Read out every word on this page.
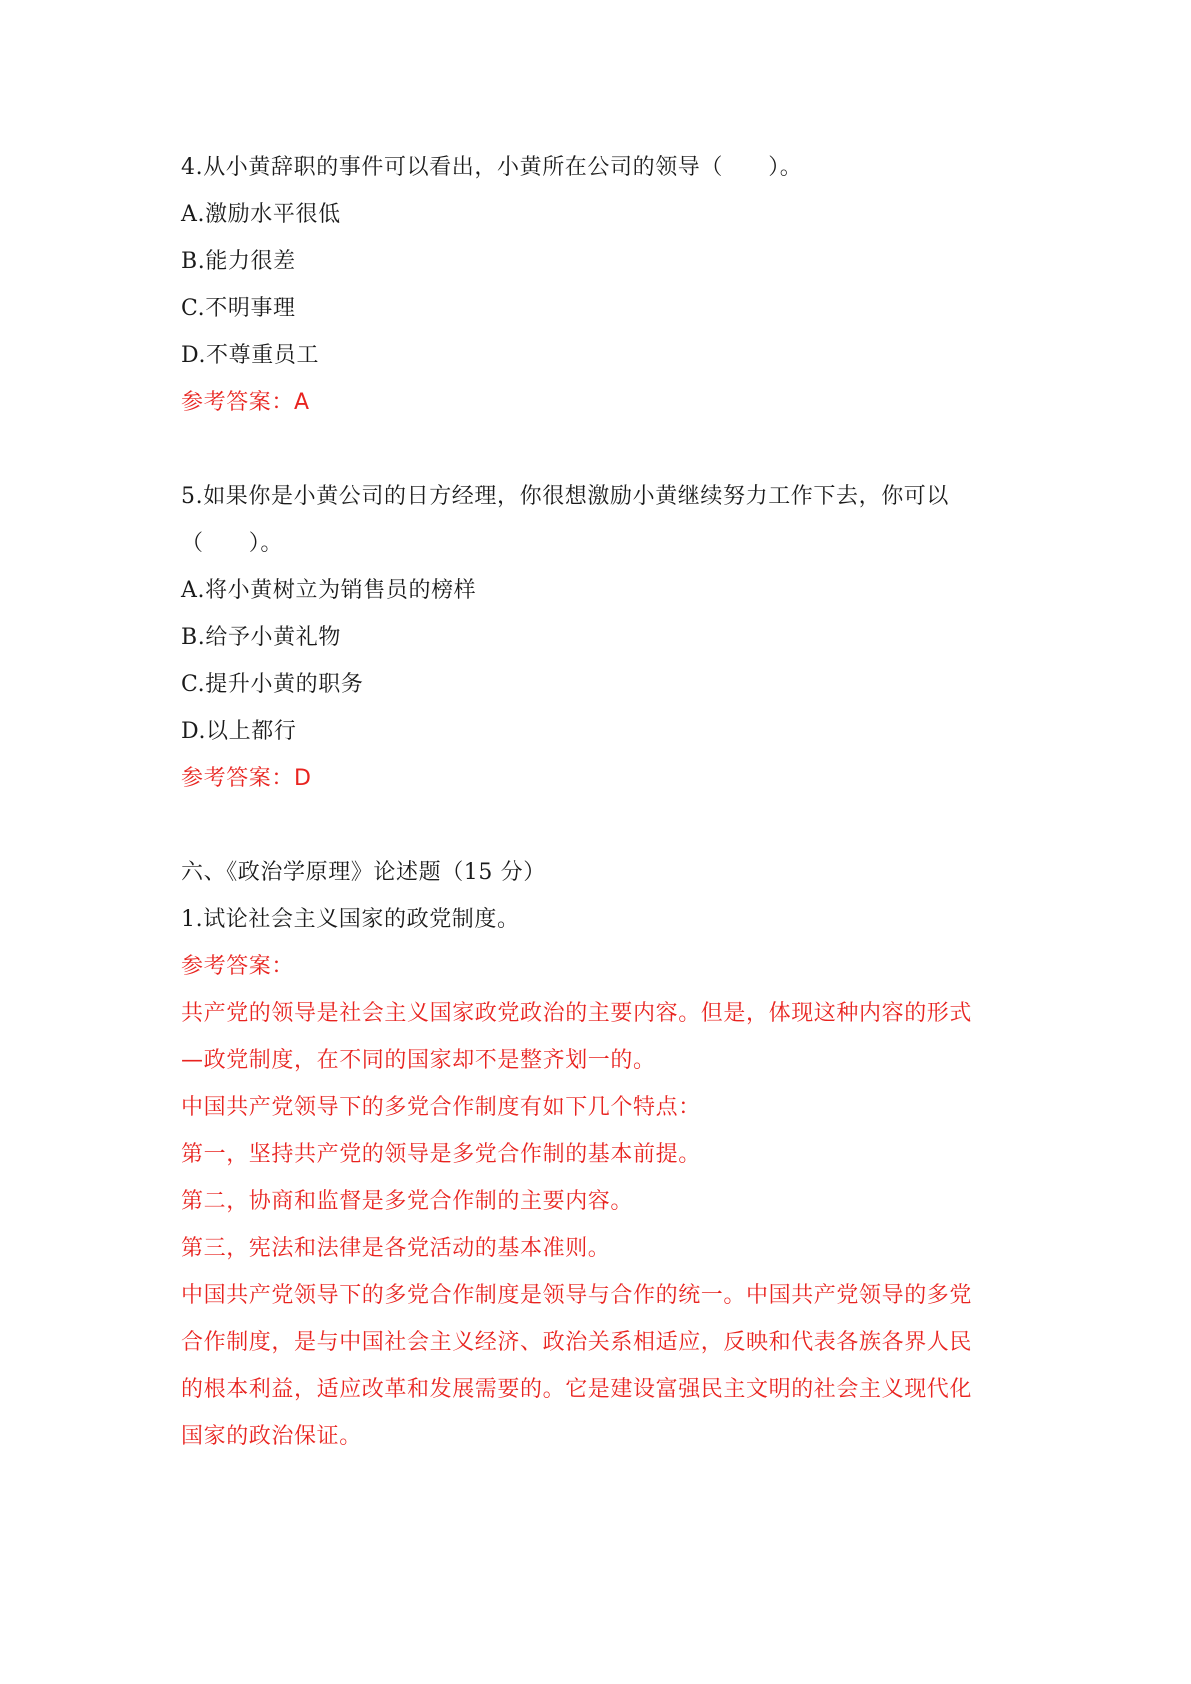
4.从小黄辞职的事件可以看出，小黄所在公司的领导（　　）。
A.激励水平很低
B.能力很差
C.不明事理
D.不尊重员工
参考答案：A
5.如果你是小黄公司的日方经理，你很想激励小黄继续努力工作下去，你可以
（　　）。
A.将小黄树立为销售员的榜样
B.给予小黄礼物
C.提升小黄的职务
D.以上都行
参考答案：D
六、《政治学原理》论述题（15 分）
1.试论社会主义国家的政党制度。
参考答案：
共产党的领导是社会主义国家政党政治的主要内容。但是，体现这种内容的形式
—政党制度，在不同的国家却不是整齐划一的。
中国共产党领导下的多党合作制度有如下几个特点：
第一，坚持共产党的领导是多党合作制的基本前提。
第二，协商和监督是多党合作制的主要内容。
第三，宪法和法律是各党活动的基本准则。
中国共产党领导下的多党合作制度是领导与合作的统一。中国共产党领导的多党
合作制度，是与中国社会主义经济、政治关系相适应，反映和代表各族各界人民
的根本利益，适应改革和发展需要的。它是建设富强民主文明的社会主义现代化
国家的政治保证。
